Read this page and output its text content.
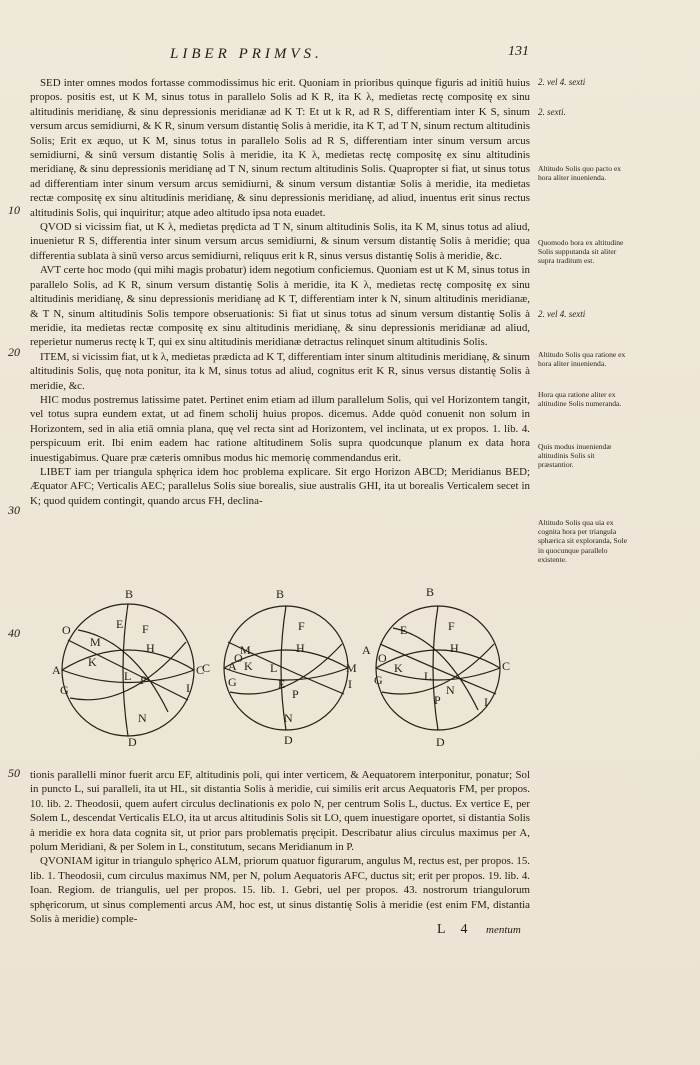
LIBER PRIMVS.	131
10
20
30
40
50

SED inter omnes modos fortasse commodissimus hic erit. Quoniam in prioribus quinque figuris ad initiū huius propos. positis est, ut K M, sinus totus in parallelo Solis ad K R, ita K λ, medietas rectę compositę ex sinu altitudinis meridianę, & sinu depressionis meridianæ ad K T: Et ut k R, ad R S, differentiam inter K S, sinum versum arcus semidiurni, & K R, sinum versum distantię Solis à meridie, ita K T, ad T N, sinum rectum altitudinis Solis; Erit ex æquo, ut K M, sinus totus in parallelo Solis ad R S, differentiam inter sinum versum arcus semidiurni, & sinū versum distantię Solis à meridie, ita K λ, medietas rectę compositę ex sinu altitudinis meridianę, & sinu depressionis meridianę ad T N, sinum rectum altitudinis Solis. Quapropter si fiat, ut sinus totus ad differentiam inter sinum versum arcus semidiurni, & sinum versum distantiæ Solis à meridie, ita medietas rectæ compositę ex sinu altitudinis meridianę, & sinu depressionis meridianę, ad aliud, inuentus erit sinus rectus altitudinis Solis, qui inquiritur; atque adeo altitudo ipsa nota euadet.

QVOD si vicissim fiat, ut K λ, medietas prędicta ad T N, sinum altitudinis Solis, ita K M, sinus totus ad aliud, inuenietur R S, differentia inter sinum versum arcus semidiurni, & sinum versum distantię Solis à meridie; qua differentia sublata à sinū verso arcus semidiurni, reliquus erit k R, sinus versus distantię Solis à meridie, &c.

AVT certe hoc modo (qui mihi magis probatur) idem negotium conficiemus. Quoniam est ut K M, sinus totus in parallelo Solis, ad K R, sinum versum distantię Solis à meridie, ita K λ, medietas rectę compositę ex sinu altitudinis meridianę, & sinu depressionis meridianę ad K T, differentiam inter k N, sinum altitudinis meridianæ, & T N, sinum altitudinis Solis tempore obseruationis: Si fiat ut sinus totus ad sinum versum distantię Solis à meridie, ita medietas rectæ compositę ex sinu altitudinis meridianę, & sinu depressionis meridianæ ad aliud, reperietur numerus rectę k T, qui ex sinu altitudinis meridianæ detractus relinquet sinum altitudinis Solis.

ITEM, si vicissim fiat, ut k λ, medietas prædicta ad K T, differentiam inter sinum altitudinis meridianę, & sinum altitudinis Solis, quę nota ponitur, ita k M, sinus totus ad aliud, cognitus erit K R, sinus versus distantię Solis à meridie, &c.

HIC modus postremus latissime patet. Pertinet enim etiam ad illum parallelum Solis, qui vel Horizontem tangit, vel totus supra eundem extat, ut ad finem scholij huius propos. dicemus. Adde quòd conuenit non solum in Horizontem, sed in alia etiā omnia plana, quę vel recta sint ad Horizontem, vel inclinata, ut ex propos. 1. lib. 4. perspicuum erit. Ibi enim eadem hac ratione altitudinem Solis supra quodcunque planum ex data hora inuestigabimus. Quare præ cæteris omnibus modus hic memorię commendandus erit.

LIBET iam per triangula sphęrica idem hoc problema explicare. Sit ergo Horizon ABCD; Meridianus BED; Æquator AFC; Verticalis AEC; parallelus Solis siue borealis, siue australis GHI, ita ut borealis Verticalem secet in K; quod quidem contingit, quando arcus FH, declina-

tionis parallelli minor fuerit arcu EF, altitudinis poli, qui inter verticem, & Aequatorem interponitur, ponatur; Sol in puncto L, sui paralleli, ita ut HL, sit distantia Solis à meridie, cui similis erit arcus Aequatoris FM, per propos. 10. lib. 2. Theodosii, quem aufert circulus declinationis ex polo N, per centrum Solis L, ductus. Ex vertice E, per Solem L, descendat Verticalis ELO, ita ut arcus altitudinis Solis sit LO, quem inuestigare oportet, si distantia Solis à meridie ex hora data cognita sit, ut prior pars problematis pręcipit. Describatur alius circulus maximus per A, polum Meridiani, & per Solem in L, constitutum, secans Meridianum in P.

QVONIAM igitur in triangulo sphęrico ALM, priorum quatuor figurarum, angulus M, rectus est, per propos. 15. lib. 1. Theodosii, cum circulus maximus NM, per N, polum Aequatoris AFC, ductus sit; erit per propos. 19. lib. 4. Ioan. Regiom. de triangulis, uel per propos. 15. lib. 1. Gebri, uel per propos. 43. nostrorum triangulorum sphęricorum, ut sinus complementi arcus AM, hoc est, ut sinus distantię Solis à meridie (est enim FM, distantia Solis à meridie) comple-

2. vel 4. sexti
2. sexti.
Altitudo Solis quo pacto ex hora aliter inuenienda.
Quomodo hora ex altitudine Solis supputanda sit aliter supra traditum est.
2. vel 4. sexti
Altitudo Solis qua ratione ex hora aliter inuenienda.
Hora qua ratione aliter ex altitudine Solis numeranda.
Quis modus inueniendæ altitudinis Solis sit præstantior.
Altitudo Solis qua uia ex cognita hora per triangula sphærica sit exploranda, Sole in quocunque parallelo existente.
B
F
E
M
O
H
A	C
K
G
L P
I
N
D
B
F
H
C
M
A K L
O
G	E
P
N
I
D
B
F
E
H
C
M
A
K
L
O
G
N
P	I
D
L 4 mentum
